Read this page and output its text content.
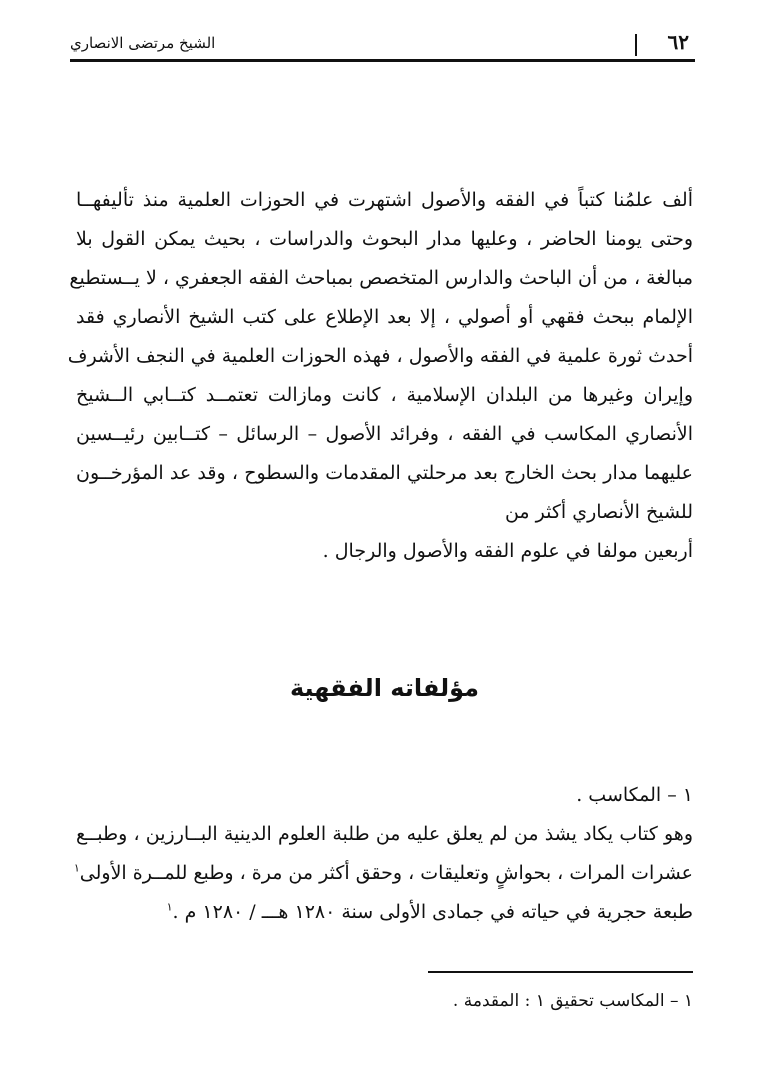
الشيخ مرتضى الانصاري	٦٢
ألف علمُنا كتباً في الفقه والأصول اشتهرت في الحوزات العلمية منذ تأليفهــا
وحتى يومنا الحاضر ، وعليها مدار البحوث والدراسات ، بحيث يمكن القول بلا
مبالغة ، من أن الباحث والدارس المتخصص بمباحث الفقه الجعفري ، لا يــستطيع
الإلمام ببحث فقهي أو أصولي ، إلا بعد الإطلاع على كتب الشيخ الأنصاري فقد
أحدث ثورة علمية في الفقه والأصول ، فهذه الحوزات العلمية في النجف الأشرف
وإيران وغيرها من البلدان الإسلامية ، كانت ومازالت تعتمــد كتــابي الــشيخ
الأنصاري المكاسب في الفقه ، وفرائد الأصول – الرسائل – كتــابين رئيــسين
عليهما مدار بحث الخارج بعد مرحلتي المقدمات والسطوح ، وقد عد المؤرخــون
للشيخ الأنصاري أكثر من
أربعين مولفا في علوم الفقه والأصول والرجال .
مؤلفاته الفقهية
١ – المكاسب .
وهو كتاب يكاد يشذ من لم يعلق عليه من طلبة العلوم الدينية البــارزين ، وطبــع
عشرات المرات ، بحواشٍ وتعليقات ، وحقق أكثر من مرة ، وطبع للمــرة الأولى$^١$
طبعة حجرية في حياته في جمادى الأولى سنة ١٢٨٠ هـــ / ١٢٨٠ م .$^١$
١ – المكاسب تحقيق ١ : المقدمة .
